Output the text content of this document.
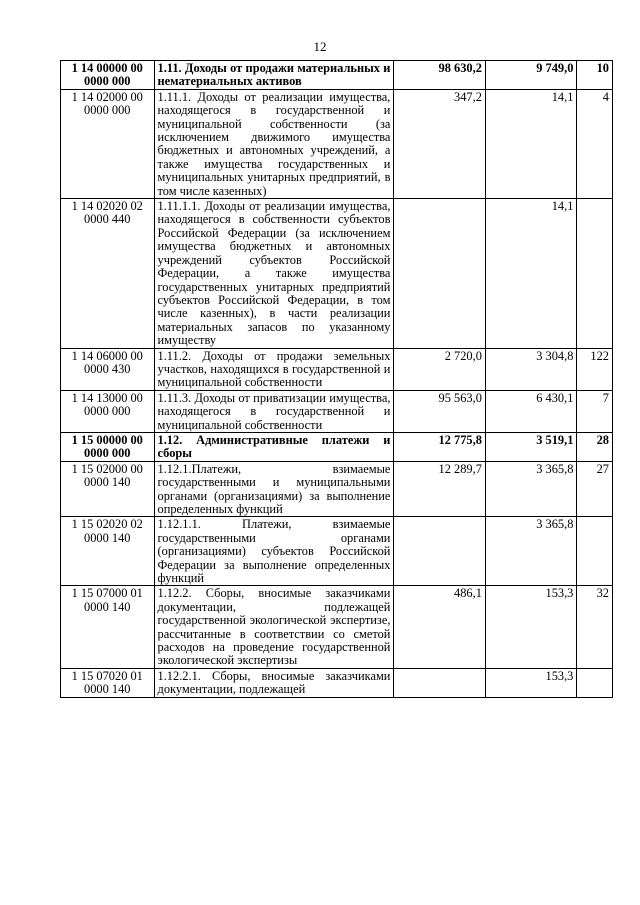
12
1 14 00000 00 0000 000	1.11. Доходы от продажи материальных и нематериальных активов	98 630,2	9 749,0	10
1 14 02000 00 0000 000	1.11.1. Доходы от реализации имущества, находящегося в государственной и муниципальной собственности (за исключением движимого имущества бюджетных и автономных учреждений, а также имущества государственных и муниципальных унитарных предприятий, в том числе казенных)	347,2	14,1	4
1 14 02020 02 0000 440	1.11.1.1. Доходы от реализации имущества, находящегося в собственности субъектов Российской Федерации (за исключением имущества бюджетных и автономных учреждений субъектов Российской Федерации, а также имущества государственных унитарных предприятий субъектов Российской Федерации, в том числе казенных), в части реализации материальных запасов по указанному имуществу		14,1	
1 14 06000 00 0000 430	1.11.2. Доходы от продажи земельных участков, находящихся в государственной и муниципальной собственности	2 720,0	3 304,8	122
1 14 13000 00 0000 000	1.11.3. Доходы от приватизации имущества, находящегося в государственной и муниципальной собственности	95 563,0	6 430,1	7
1 15 00000 00 0000 000	1.12. Административные платежи и сборы	12 775,8	3 519,1	28
1 15 02000 00 0000 140	1.12.1.Платежи, взимаемые государственными и муниципальными органами (организациями) за выполнение определенных функций	12 289,7	3 365,8	27
1 15 02020 02 0000 140	1.12.1.1. Платежи, взимаемые государственными органами (организациями) субъектов Российской Федерации за выполнение определенных функций		3 365,8	
1 15 07000 01 0000 140	1.12.2. Сборы, вносимые заказчиками документации, подлежащей государственной экологической экспертизе, рассчитанные в соответствии со сметой расходов на проведение государственной экологической экспертизы	486,1	153,3	32
1 15 07020 01 0000 140	1.12.2.1. Сборы, вносимые заказчиками документации, подлежащей		153,3	
